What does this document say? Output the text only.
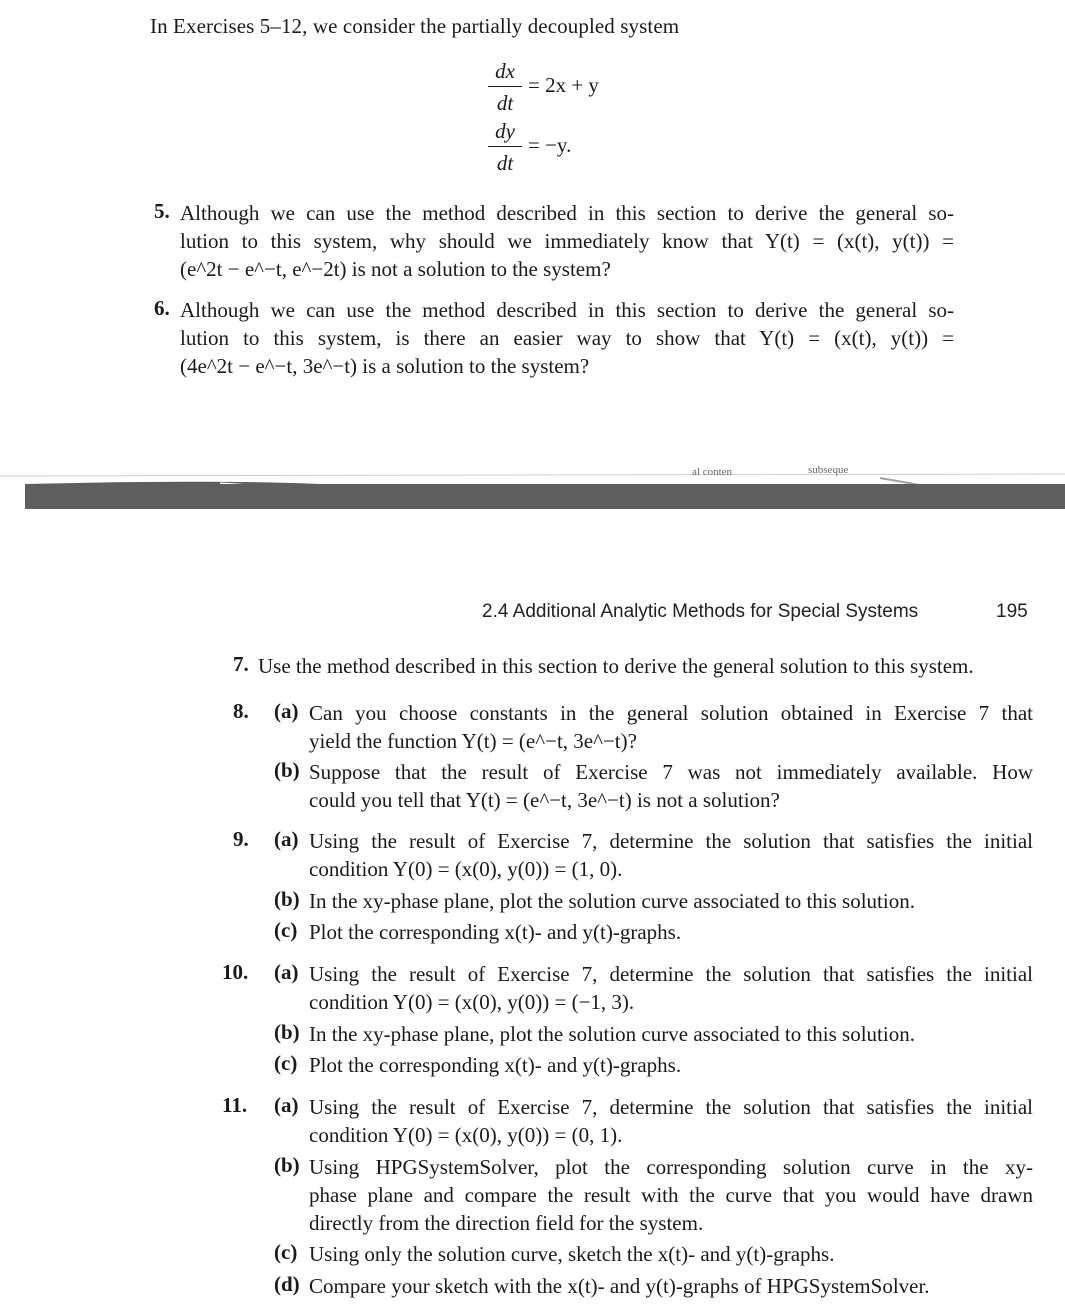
In Exercises 5–12, we consider the partially decoupled system
dx
dt
= 2x + y
dy
dt
= −y.
5. Although we can use the method described in this section to derive the general so-
lution to this system, why should we immediately know that Y(t) = (x(t), y(t)) =
(e^2t − e^−t, e^−2t) is not a solution to the system?
6. Although we can use the method described in this section to derive the general so-
lution to this system, is there an easier way to show that Y(t) = (x(t), y(t)) =
(4e^2t − e^−t, 3e^−t) is a solution to the system?
al conten	subseque
2.4 Additional Analytic Methods for Special Systems	195
7. Use the method described in this section to derive the general solution to this system.
8. (a) Can you choose constants in the general solution obtained in Exercise 7 that
yield the function Y(t) = (e^−t, 3e^−t)?
(b) Suppose that the result of Exercise 7 was not immediately available. How
could you tell that Y(t) = (e^−t, 3e^−t) is not a solution?
9. (a) Using the result of Exercise 7, determine the solution that satisfies the initial
condition Y(0) = (x(0), y(0)) = (1, 0).
(b) In the xy-phase plane, plot the solution curve associated to this solution.
(c) Plot the corresponding x(t)- and y(t)-graphs.
10. (a) Using the result of Exercise 7, determine the solution that satisfies the initial
condition Y(0) = (x(0), y(0)) = (−1, 3).
(b) In the xy-phase plane, plot the solution curve associated to this solution.
(c) Plot the corresponding x(t)- and y(t)-graphs.
11. (a) Using the result of Exercise 7, determine the solution that satisfies the initial
condition Y(0) = (x(0), y(0)) = (0, 1).
(b) Using HPGSystemSolver, plot the corresponding solution curve in the xy-
phase plane and compare the result with the curve that you would have drawn
directly from the direction field for the system.
(c) Using only the solution curve, sketch the x(t)- and y(t)-graphs.
(d) Compare your sketch with the x(t)- and y(t)-graphs of HPGSystemSolver.
